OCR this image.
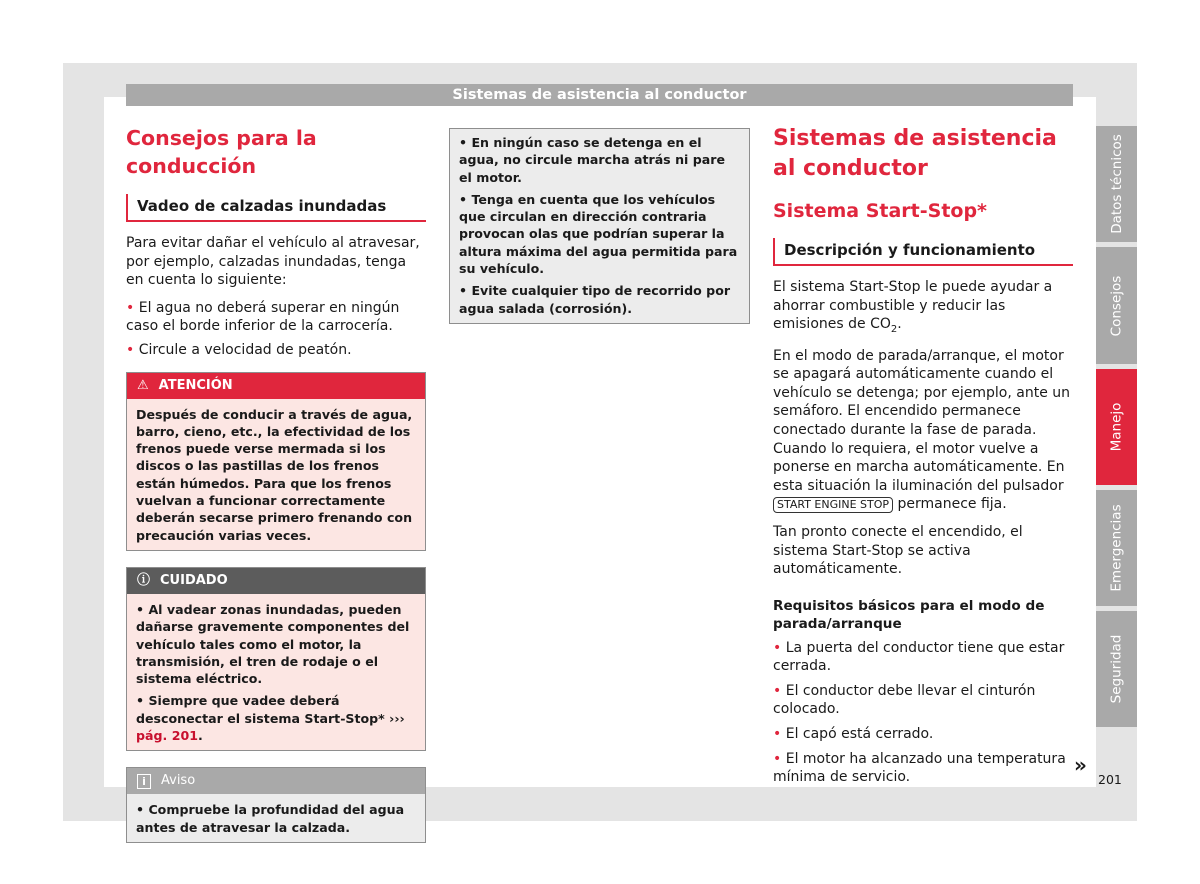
Sistemas de asistencia al conductor
Consejos para la conducción
Vadeo de calzadas inundadas

Para evitar dañar el vehículo al atravesar, por ejemplo, calzadas inundadas, tenga en cuenta lo siguiente:

• El agua no deberá superar en ningún caso el borde inferior de la carrocería.

• Circule a velocidad de peatón.

⚠ ATENCIÓN

Después de conducir a través de agua, barro, cieno, etc., la efectividad de los frenos puede verse mermada si los discos o las pastillas de los frenos están húmedos. Para que los frenos vuelvan a funcionar correctamente deberán secarse primero frenando con precaución varias veces.

ⓘ CUIDADO

• Al vadear zonas inundadas, pueden dañarse gravemente componentes del vehículo tales como el motor, la transmisión, el tren de rodaje o el sistema eléctrico.

• Siempre que vadee deberá desconectar el sistema Start-Stop* ››› pág. 201.

i	Aviso

• Compruebe la profundidad del agua antes de atravesar la calzada.

• En ningún caso se detenga en el agua, no circule marcha atrás ni pare el motor.

• Tenga en cuenta que los vehículos que circulan en dirección contraria provocan olas que podrían superar la altura máxima del agua permitida para su vehículo.

• Evite cualquier tipo de recorrido por agua salada (corrosión).

Sistemas de asistencia al conductor
Sistema Start-Stop*
Descripción y funcionamiento

El sistema Start-Stop le puede ayudar a ahorrar combustible y reducir las emisiones de $CO_2$.

En el modo de parada/arranque, el motor se apagará automáticamente cuando el vehículo se detenga; por ejemplo, ante un semáforo. El encendido permanece conectado durante la fase de parada. Cuando lo requiera, el motor vuelve a ponerse en marcha automáticamente. En esta situación la iluminación del pulsador START ENGINE STOP permanece fija.

Tan pronto conecte el encendido, el sistema Start-Stop se activa automáticamente.

Requisitos básicos para el modo de parada/arranque

• La puerta del conductor tiene que estar cerrada.

• El conductor debe llevar el cinturón colocado.

• El capó está cerrado.

• El motor ha alcanzado una temperatura mínima de servicio.

»
Datos técnicos
Consejos
Manejo
Emergencias
Seguridad
201
